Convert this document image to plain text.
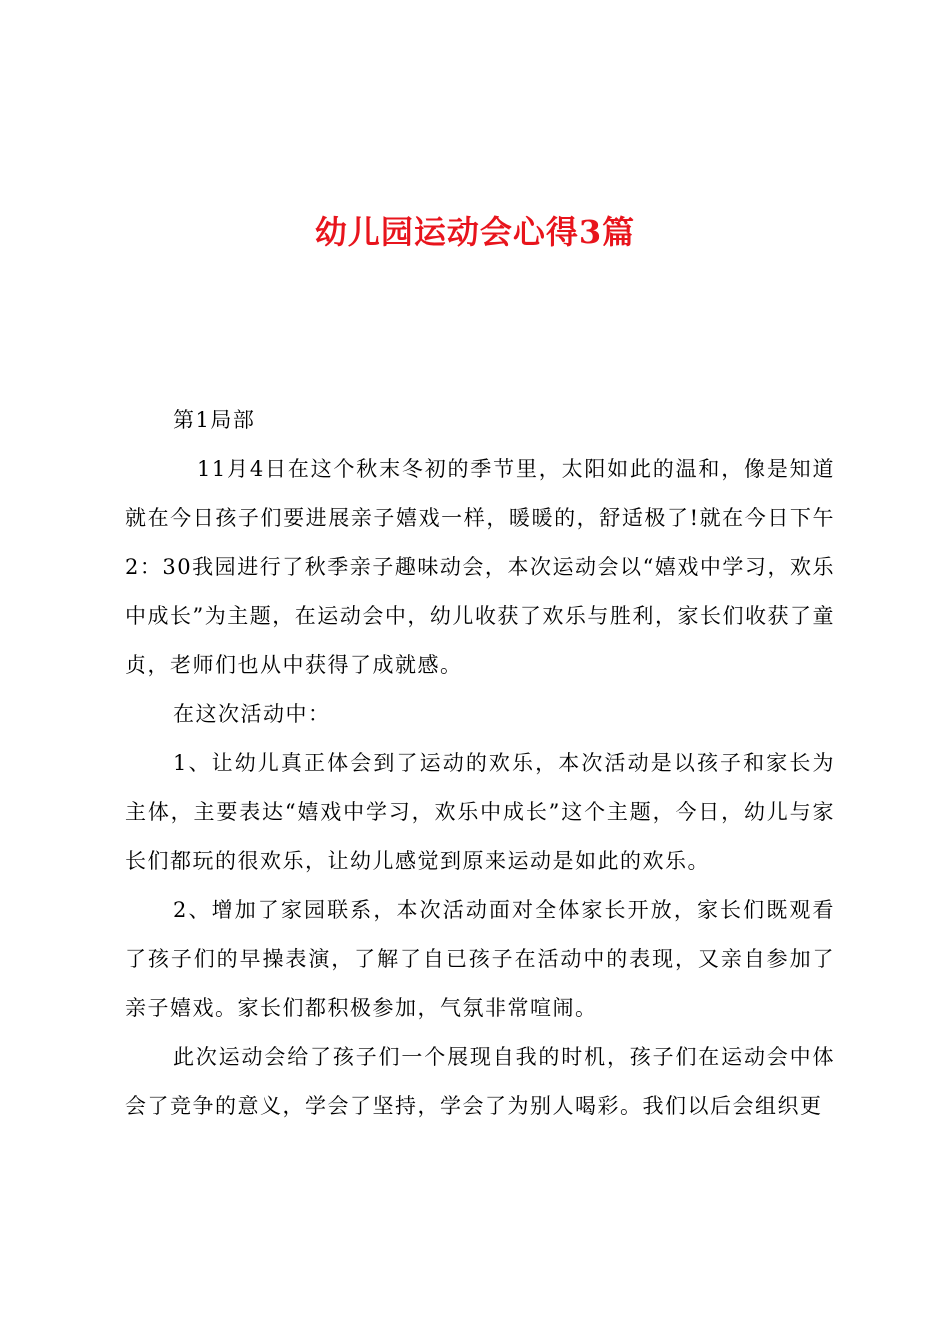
幼儿园运动会心得3篇

第1局部

11月4日在这个秋末冬初的季节里，太阳如此的温和，像是知道就在今日孩子们要进展亲子嬉戏一样，暖暖的，舒适极了!就在今日下午2：30我园进行了秋季亲子趣味动会，本次运动会以“嬉戏中学习，欢乐中成长”为主题，在运动会中，幼儿收获了欢乐与胜利，家长们收获了童贞，老师们也从中获得了成就感。

在这次活动中：

1、让幼儿真正体会到了运动的欢乐，本次活动是以孩子和家长为主体，主要表达“嬉戏中学习，欢乐中成长”这个主题，今日，幼儿与家长们都玩的很欢乐，让幼儿感觉到原来运动是如此的欢乐。

2、增加了家园联系，本次活动面对全体家长开放，家长们既观看了孩子们的早操表演，了解了自已孩子在活动中的表现，又亲自参加了亲子嬉戏。家长们都积极参加，气氛非常喧闹。

此次运动会给了孩子们一个展现自我的时机，孩子们在运动会中体会了竞争的意义，学会了坚持，学会了为别人喝彩。我们以后会组织更
